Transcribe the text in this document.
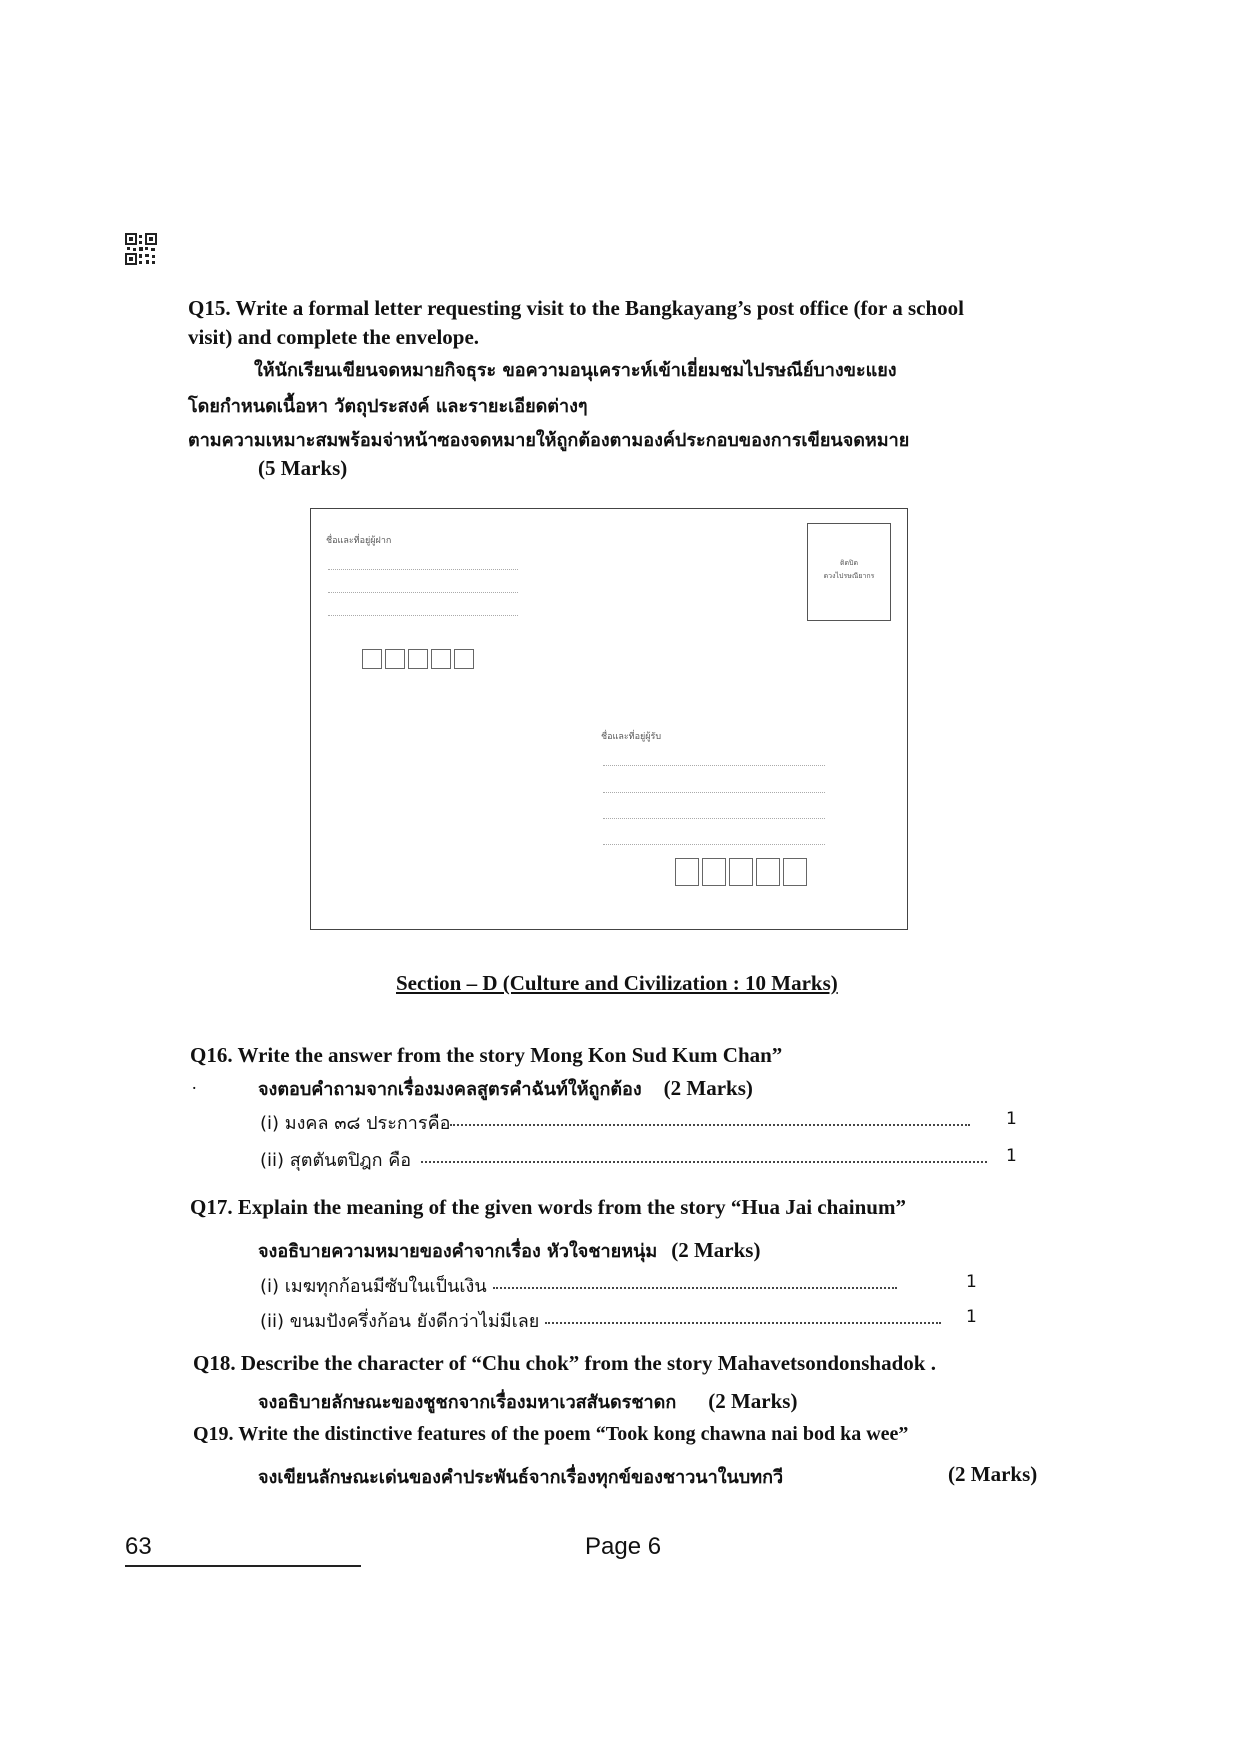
Q15. Write a formal letter requesting visit to the Bangkayang’s post office (for a school
visit) and complete the envelope.
ให้นักเรียนเขียนจดหมายกิจธุระ ขอความอนุเคราะห์เข้าเยี่ยมชมไปรษณีย์บางขะแยง
โดยกำหนดเนื้อหา วัตถุประสงค์ และรายะเอียดต่างๆ
ตามความเหมาะสมพร้อมจ่าหน้าซองจดหมายให้ถูกต้องตามองค์ประกอบของการเขียนจดหมาย
(5 Marks)
ชื่อและที่อยู่ผู้ฝาก
ติดปิด
ดวงไปรษณียากร
ชื่อและที่อยู่ผู้รับ
Section – D (Culture and Civilization : 10 Marks)
Q16. Write the answer from the story Mong Kon Sud Kum Chan”
.	จงตอบคำถามจากเรื่องมงคลสูตรคำฉันท์ให้ถูกต้อง (2 Marks)
(i) มงคล ๓๘ ประการคือ	1
(ii) สุตตันตปิฎก คือ	1
Q17. Explain the meaning of the given words from the story “Hua Jai chainum”
จงอธิบายความหมายของคำจากเรื่อง หัวใจชายหนุ่ม (2 Marks)
(i) เมฆทุกก้อนมีซับในเป็นเงิน	1
(ii) ขนมปังครึ่งก้อน ยังดีกว่าไม่มีเลย	1
Q18. Describe the character of “Chu chok” from the story Mahavetsondonshadok .
จงอธิบายลักษณะของชูชกจากเรื่องมหาเวสสันดรชาดก (2 Marks)
Q19. Write the distinctive features of the poem “Took kong chawna nai bod ka wee”
จงเขียนลักษณะเด่นของคำประพันธ์จากเรื่องทุกข์ของชาวนาในบทกวี	(2 Marks)
63	Page 6
